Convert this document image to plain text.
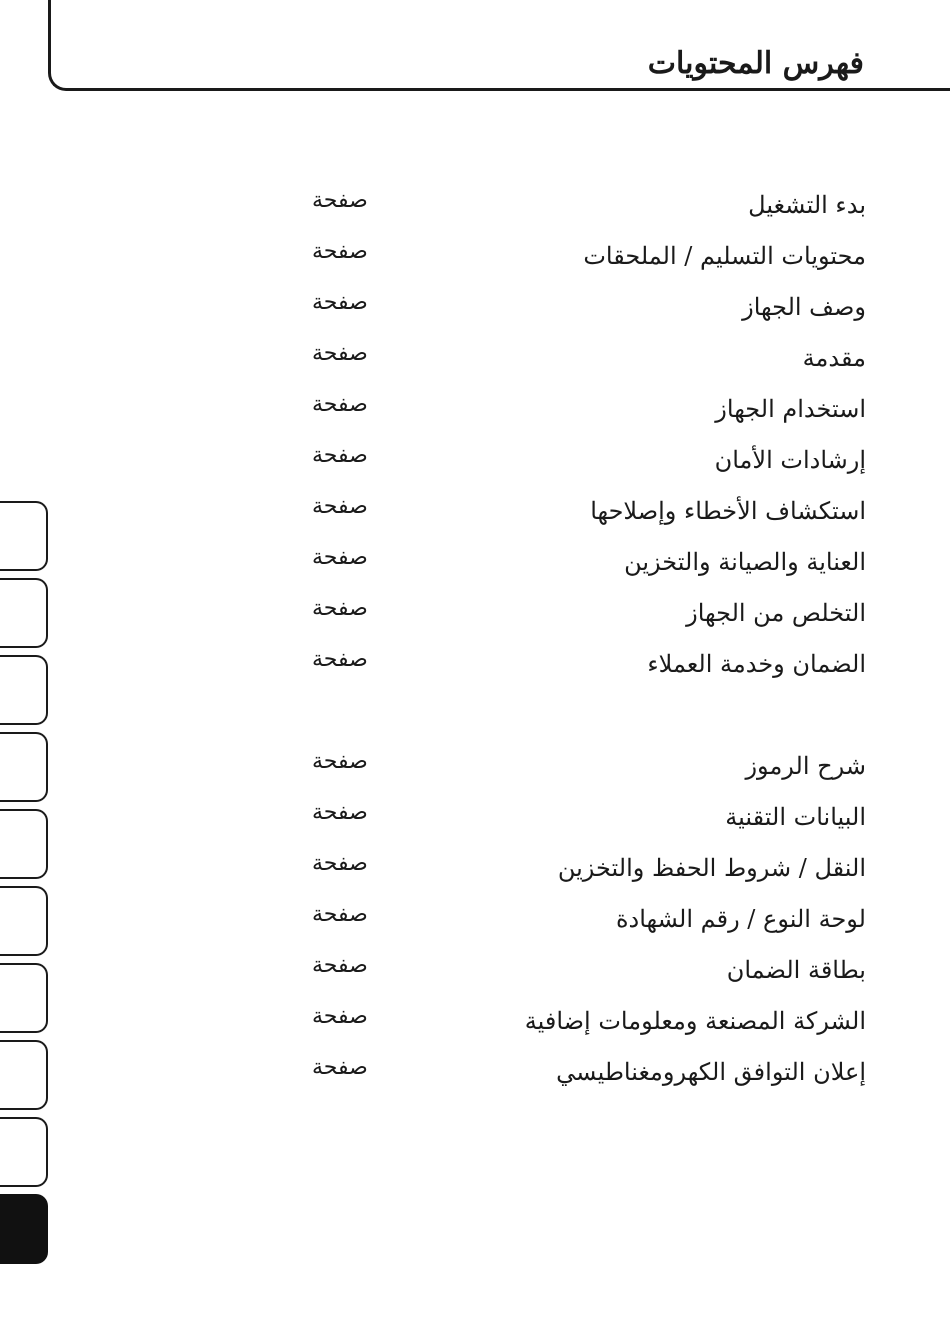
فهرس المحتويات
بدء التشغيل
صفحة
محتويات التسليم / الملحقات
صفحة
وصف الجهاز
صفحة
مقدمة
صفحة
استخدام الجهاز
صفحة
إرشادات الأمان
صفحة
استكشاف الأخطاء وإصلاحها
صفحة
العناية والصيانة والتخزين
صفحة
التخلص من الجهاز
صفحة
الضمان وخدمة العملاء
صفحة
شرح الرموز
صفحة
البيانات التقنية
صفحة
النقل / شروط الحفظ والتخزين
صفحة
لوحة النوع / رقم الشهادة
صفحة
بطاقة الضمان
صفحة
الشركة المصنعة ومعلومات إضافية
صفحة
إعلان التوافق الكهرومغناطيسي
صفحة
